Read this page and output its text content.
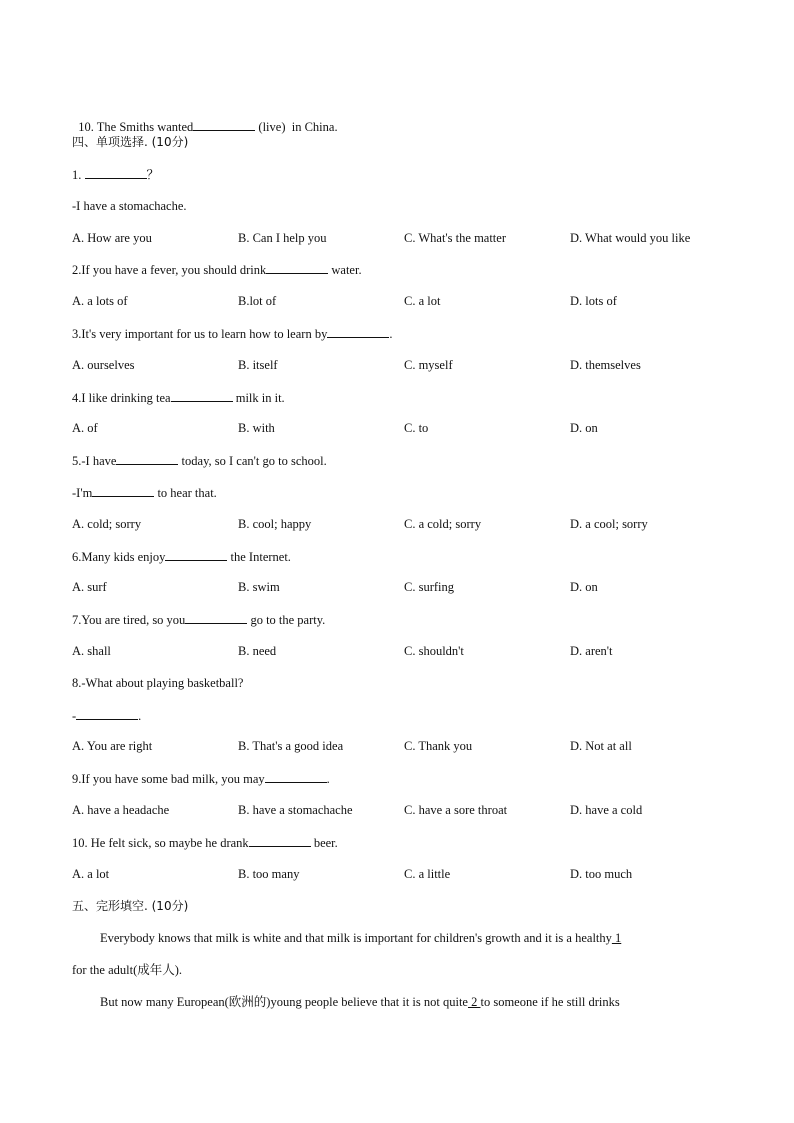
10. The Smiths wanted	(live)  in China.

四、单项选择. (10分)
1.	？
-I have a stomachache.
A. How are you	B. Can I help you	C. What's the matter	D. What would you like
2.If you have a fever, you should drink	water.
A. a lots of	B.lot of	C. a lot	D. lots of
3.It's very important for us to learn how to learn by	.
A. ourselves	B. itself	C. myself	D. themselves
4.I like drinking tea	milk in it.
A. of	B. with	C. to	D. on
5.-I have	today, so I can't go to school.
-I'm	to hear that.
A. cold; sorry	B. cool; happy	C. a cold; sorry	D. a cool; sorry
6.Many kids enjoy	the Internet.
A. surf	B. swim	C. surfing	D. on
7.You are tired, so you	go to the party.
A. shall	B. need	C. shouldn't	D. aren't
8.-What about playing basketball?
-	.
A. You are right	B. That's a good idea	C. Thank you	D. Not at all
9.If you have some bad milk, you may	.
A. have a headache	B. have a stomachache	C. have a sore throat	D. have a cold
10. He felt sick, so maybe he drank	beer.
A. a lot	B. too many	C. a little	D. too much
五、完形填空. (10分)
Everybody knows that milk is white and that milk is important for children's growth and it is a healthy 1
for the adult(成年人).
But now many European(欧洲的)young people believe that it is not quite 2 to someone if he still drinks
